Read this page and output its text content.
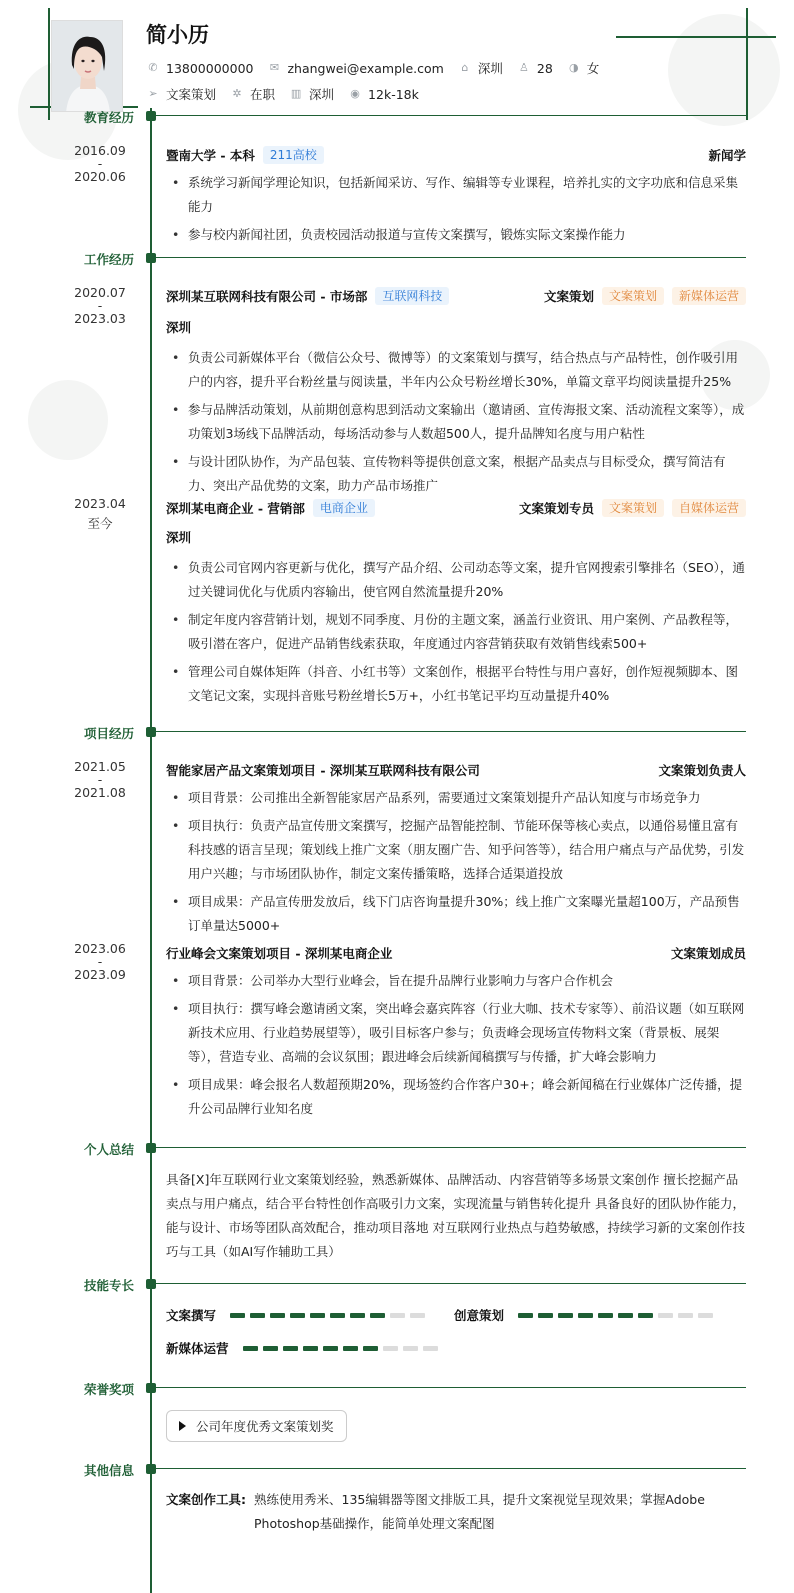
简小历
✆ 13800000000 ✉ zhangwei@example.com	⌂ 深圳 ♙ 28 ◑ 女
➢ 文案策划 ✲ 在职 ▥ 深圳 ◉ 12k-18k
教育经历
2016.09
-
2020.06
暨南大学 - 本科	211高校	新闻学
• 系统学习新闻学理论知识，包括新闻采访、写作、编辑等专业课程，培养扎实的文字功底和信息采集能力
• 参与校内新闻社团，负责校园活动报道与宣传文案撰写，锻炼实际文案操作能力
工作经历
2020.07
-
2023.03
深圳某互联网科技有限公司 - 市场部	互联网科技	文案策划	文案策划	新媒体运营
深圳
• 负责公司新媒体平台（微信公众号、微博等）的文案策划与撰写，结合热点与产品特性，创作吸引用户的内容，提升平台粉丝量与阅读量，半年内公众号粉丝增长30%，单篇文章平均阅读量提升25%
• 参与品牌活动策划，从前期创意构思到活动文案输出（邀请函、宣传海报文案、活动流程文案等），成功策划3场线下品牌活动，每场活动参与人数超500人，提升品牌知名度与用户粘性
• 与设计团队协作，为产品包装、宣传物料等提供创意文案，根据产品卖点与目标受众，撰写简洁有力、突出产品优势的文案，助力产品市场推广
2023.04
至今
深圳某电商企业 - 营销部	电商企业	文案策划专员	文案策划	自媒体运营
深圳
• 负责公司官网内容更新与优化，撰写产品介绍、公司动态等文案，提升官网搜索引擎排名（SEO），通过关键词优化与优质内容输出，使官网自然流量提升20%
• 制定年度内容营销计划，规划不同季度、月份的主题文案，涵盖行业资讯、用户案例、产品教程等，吸引潜在客户，促进产品销售线索获取，年度通过内容营销获取有效销售线索500+
• 管理公司自媒体矩阵（抖音、小红书等）文案创作，根据平台特性与用户喜好，创作短视频脚本、图文笔记文案，实现抖音账号粉丝增长5万+，小红书笔记平均互动量提升40%
项目经历
2021.05
-
2021.08
智能家居产品文案策划项目 - 深圳某互联网科技有限公司	文案策划负责人
• 项目背景：公司推出全新智能家居产品系列，需要通过文案策划提升产品认知度与市场竞争力
• 项目执行：负责产品宣传册文案撰写，挖掘产品智能控制、节能环保等核心卖点，以通俗易懂且富有科技感的语言呈现；策划线上推广文案（朋友圈广告、知乎问答等），结合用户痛点与产品优势，引发用户兴趣；与市场团队协作，制定文案传播策略，选择合适渠道投放
• 项目成果：产品宣传册发放后，线下门店咨询量提升30%；线上推广文案曝光量超100万，产品预售订单量达5000+
2023.06
-
2023.09
行业峰会文案策划项目 - 深圳某电商企业	文案策划成员
• 项目背景：公司举办大型行业峰会，旨在提升品牌行业影响力与客户合作机会
• 项目执行：撰写峰会邀请函文案，突出峰会嘉宾阵容（行业大咖、技术专家等）、前沿议题（如互联网新技术应用、行业趋势展望等），吸引目标客户参与；负责峰会现场宣传物料文案（背景板、展架等），营造专业、高端的会议氛围；跟进峰会后续新闻稿撰写与传播，扩大峰会影响力
• 项目成果：峰会报名人数超预期20%，现场签约合作客户30+；峰会新闻稿在行业媒体广泛传播，提升公司品牌行业知名度
个人总结
具备[X]年互联网行业文案策划经验，熟悉新媒体、品牌活动、内容营销等多场景文案创作 擅长挖掘产品卖点与用户痛点，结合平台特性创作高吸引力文案，实现流量与销售转化提升 具备良好的团队协作能力，能与设计、市场等团队高效配合，推动项目落地 对互联网行业热点与趋势敏感，持续学习新的文案创作技巧与工具（如AI写作辅助工具）
技能专长
文案撰写	创意策划
新媒体运营
荣誉奖项
公司年度优秀文案策划奖
其他信息
文案创作工具: 熟练使用秀米、135编辑器等图文排版工具，提升文案视觉呈现效果；掌握Adobe Photoshop基础操作，能简单处理文案配图
